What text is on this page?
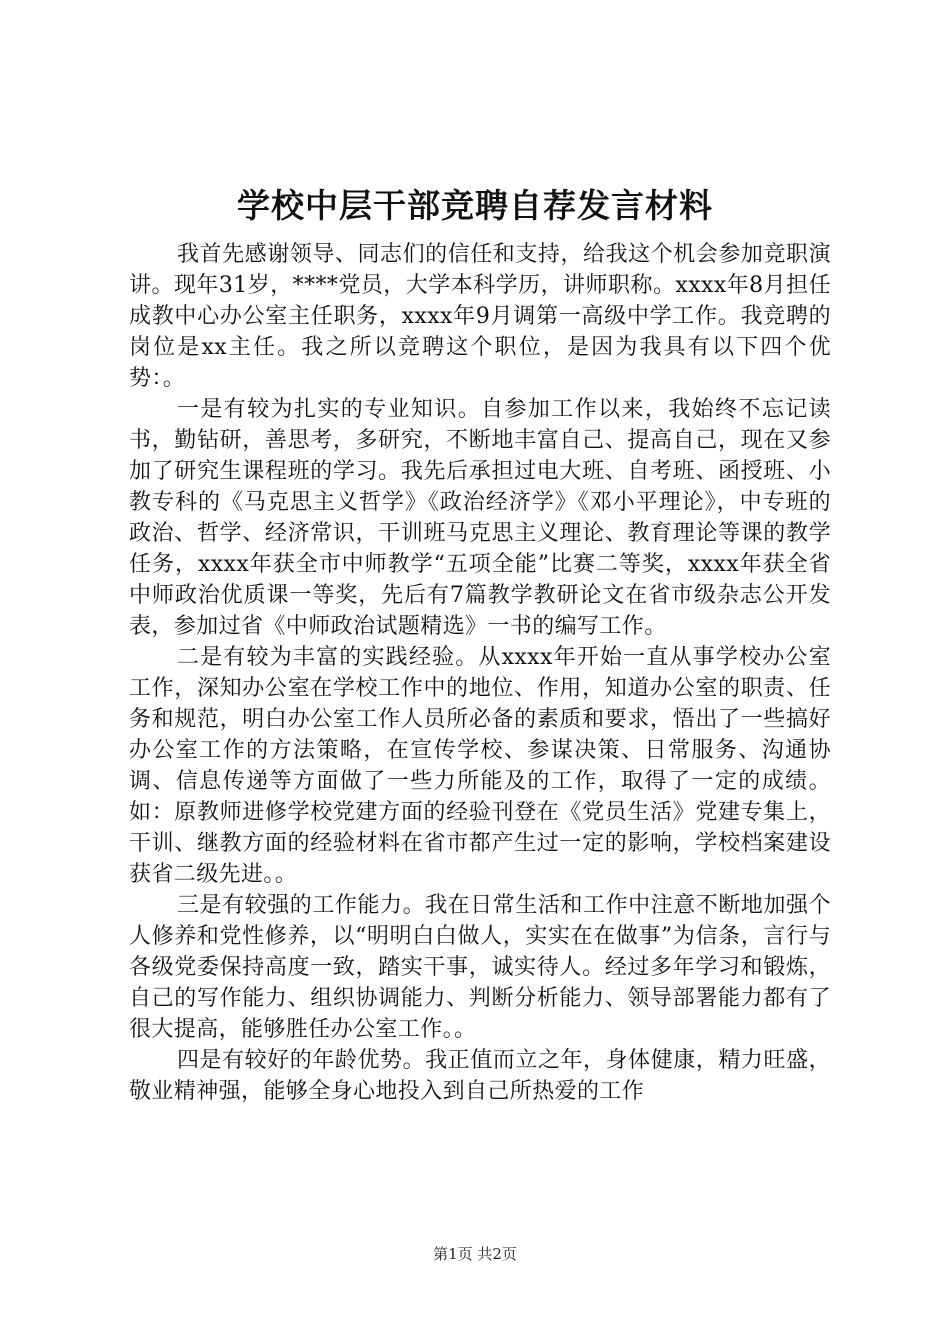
学校中层干部竞聘自荐发言材料

我首先感谢领导、同志们的信任和支持，给我这个机会参加竞职演讲。现年31岁，****党员，大学本科学历，讲师职称。xxxx年8月担任成教中心办公室主任职务，xxxx年9月调第一高级中学工作。我竞聘的岗位是xx主任。我之所以竞聘这个职位，是因为我具有以下四个优势：。

一是有较为扎实的专业知识。自参加工作以来，我始终不忘记读书，勤钻研，善思考，多研究，不断地丰富自己、提高自己，现在又参加了研究生课程班的学习。我先后承担过电大班、自考班、函授班、小教专科的《马克思主义哲学》《政治经济学》《邓小平理论》，中专班的政治、哲学、经济常识，干训班马克思主义理论、教育理论等课的教学任务，xxxx年获全市中师教学“五项全能”比赛二等奖，xxxx年获全省中师政治优质课一等奖，先后有7篇教学教研论文在省市级杂志公开发表，参加过省《中师政治试题精选》一书的编写工作。

二是有较为丰富的实践经验。从xxxx年开始一直从事学校办公室工作，深知办公室在学校工作中的地位、作用，知道办公室的职责、任务和规范，明白办公室工作人员所必备的素质和要求，悟出了一些搞好办公室工作的方法策略，在宣传学校、参谋决策、日常服务、沟通协调、信息传递等方面做了一些力所能及的工作，取得了一定的成绩。如：原教师进修学校党建方面的经验刊登在《党员生活》党建专集上，干训、继教方面的经验材料在省市都产生过一定的影响，学校档案建设获省二级先进。。

三是有较强的工作能力。我在日常生活和工作中注意不断地加强个人修养和党性修养，以“明明白白做人，实实在在做事”为信条，言行与各级党委保持高度一致，踏实干事，诚实待人。经过多年学习和锻炼，自己的写作能力、组织协调能力、判断分析能力、领导部署能力都有了很大提高，能够胜任办公室工作。。

四是有较好的年龄优势。我正值而立之年，身体健康，精力旺盛，敬业精神强，能够全身心地投入到自己所热爱的工作

第1页 共2页
